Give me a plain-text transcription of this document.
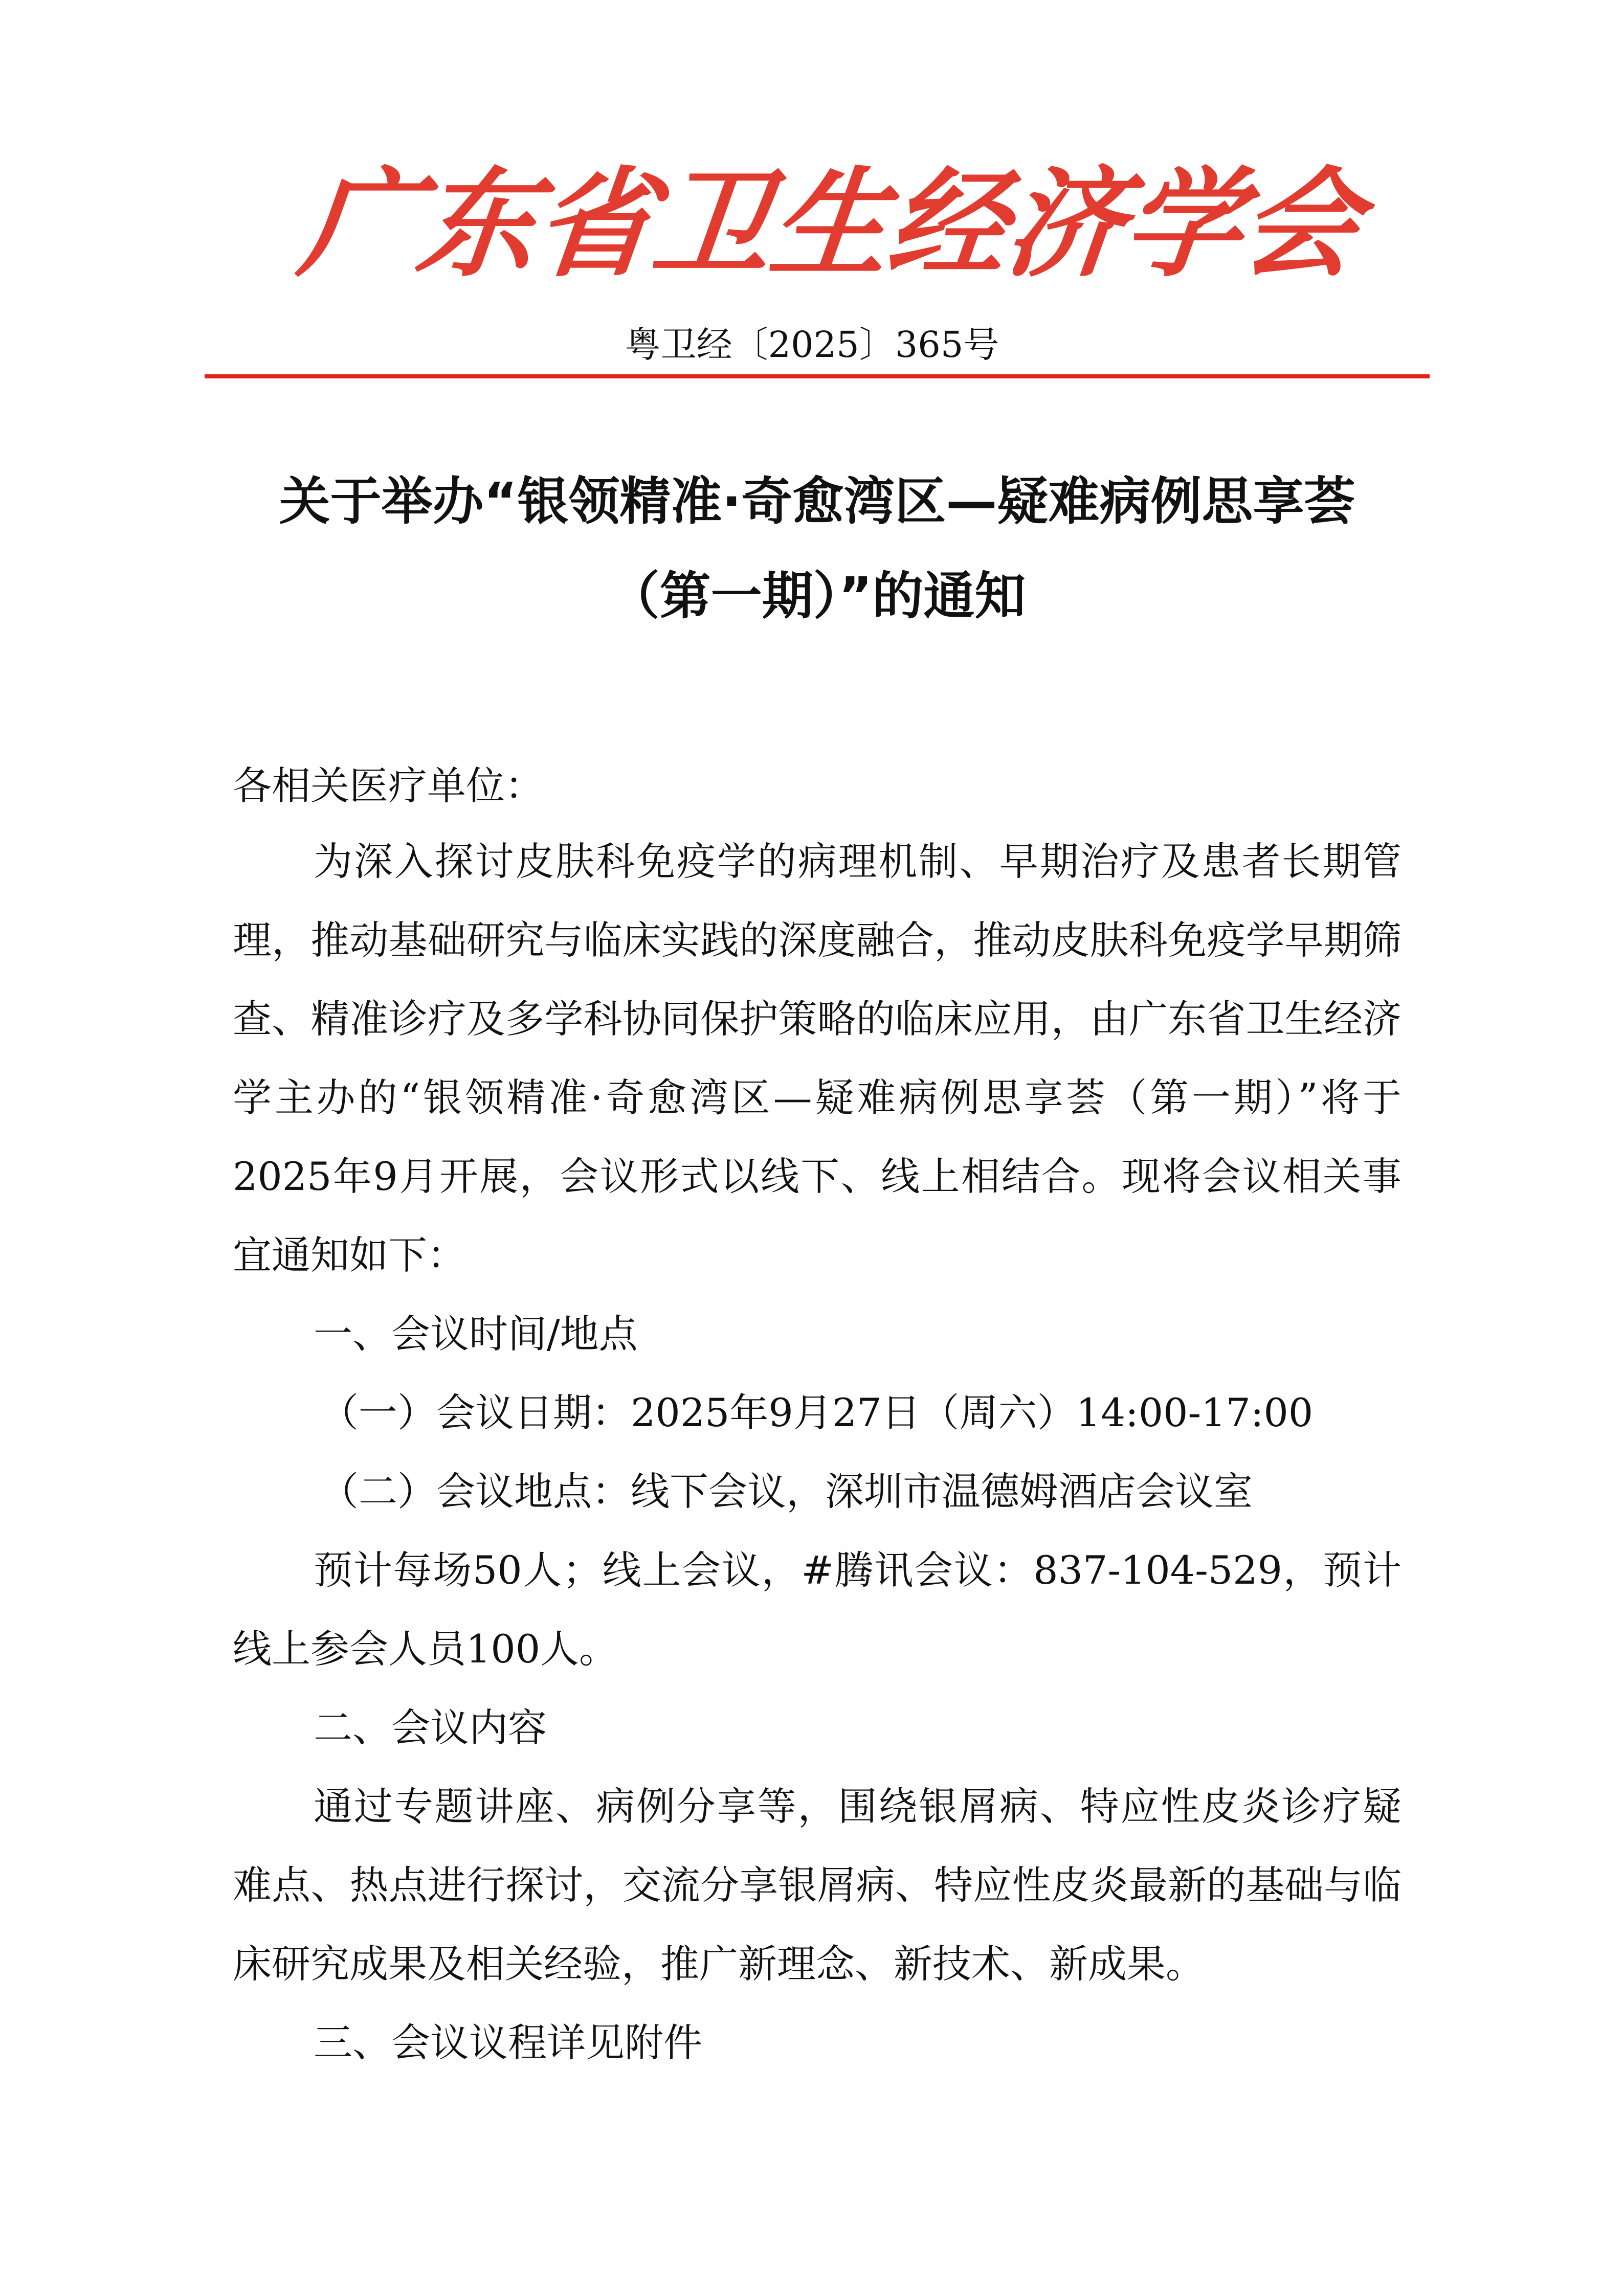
广
东
省
卫
生
经
济
学
会
粤卫经〔2025〕365号
关于举办“银领精准·奇愈湾区—疑难病例思享荟
（第一期）”的通知
各相关医疗单位：
为深入探讨皮肤科免疫学的病理机制、早期治疗及患者长期管理，推动基础研究与临床实践的深度融合，推动皮肤科免疫学早期筛查、精准诊疗及多学科协同保护策略的临床应用，由广东省卫生经济学主办的“银领精准·奇愈湾区—疑难病例思享荟（第一期）”将于2025年9月开展，会议形式以线下、线上相结合。现将会议相关事宜通知如下：
一、会议时间/地点
（一）会议日期：2025年9月27日（周六）14:00-17:00
（二）会议地点：线下会议，深圳市温德姆酒店会议室
预计每场50人；线上会议，#腾讯会议：837-104-529，预计线上参会人员100人。
二、会议内容
通过专题讲座、病例分享等，围绕银屑病、特应性皮炎诊疗疑难点、热点进行探讨，交流分享银屑病、特应性皮炎最新的基础与临床研究成果及相关经验，推广新理念、新技术、新成果。
三、会议议程详见附件
